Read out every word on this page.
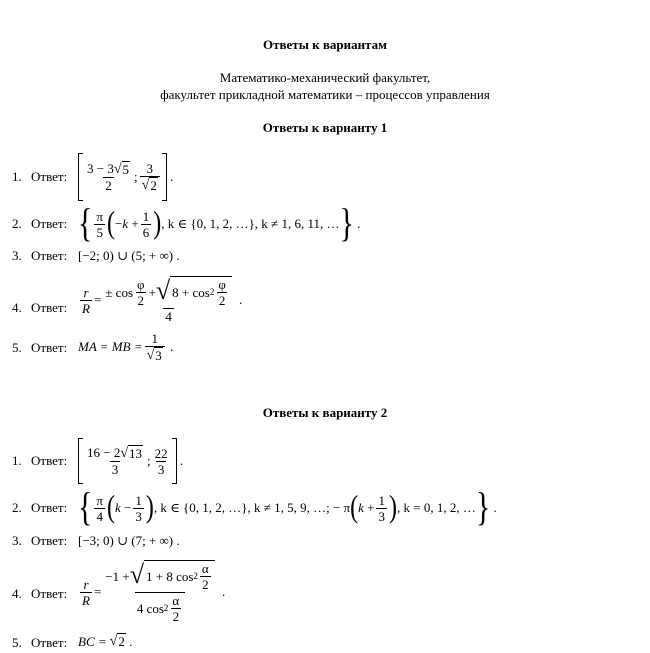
Ответы к вариантам
Математико-механический факультет,
факультет прикладной математики – процессов управления
Ответы к варианту 1
1. Ответ: $\frac{3 - 3 √ 5}{2}$ ; $\frac{3}{√ 2}$ .
2. Ответ: { $\frac{\pi}{5}$ ( − $k + \frac{1}{6}$ ) , k ∈ {0, 1, 2, …}, k ≠ 1, 6, 11, … } .
3. Ответ: [−2; 0) ∪ (5; + ∞) .
4. Ответ: $\frac{r}{R} = \frac{\pm \cos \frac{\varphi}{2} + √ 8 + \cos 2 \frac{\varphi}{2}}{4}$ .
5. Ответ: MA = MB = $\frac{1}{√ 3}$ .
Ответы к варианту 2
1. Ответ: $\frac{16 - 2 √ 13}{3}$ ; $\frac{22}{3}$ .
2. Ответ: { $\frac{\pi}{4}$ ( $k - \frac{1}{3}$ ) , k ∈ {0, 1, 2, …}, k ≠ 1, 5, 9, …; − π ( $k + \frac{1}{3}$ ) , k = 0, 1, 2, … } .
3. Ответ: [−3; 0) ∪ (7; + ∞) .
4. Ответ: $\frac{r}{R} = \frac{-1 + √ 1 + 8 \cos 2 \frac{\alpha}{2}}{4 \cos 2 \frac{\alpha}{2}}$ .
5. Ответ: BC = √ 2 .
